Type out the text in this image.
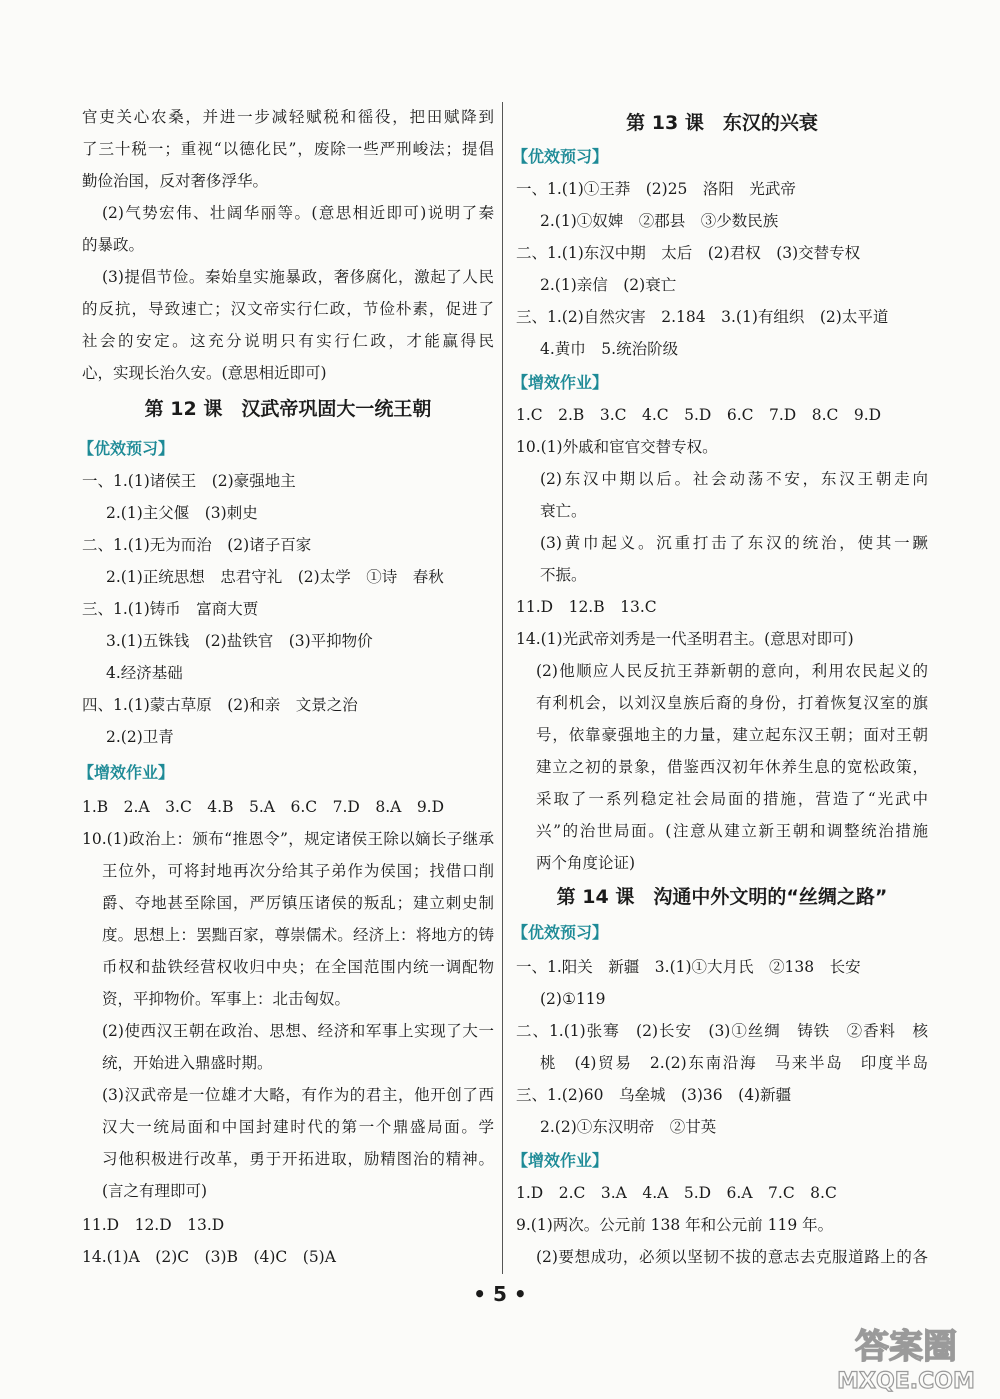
官吏关心农桑，并进一步减轻赋税和徭役，把田赋降到
了三十税一；重视“以德化民”，废除一些严刑峻法；提倡
勤俭治国，反对奢侈浮华。
(2)气势宏伟、壮阔华丽等。(意思相近即可)说明了秦
的暴政。
(3)提倡节俭。秦始皇实施暴政，奢侈腐化，激起了人民
的反抗，导致速亡；汉文帝实行仁政，节俭朴素，促进了
社会的安定。这充分说明只有实行仁政，才能赢得民
心，实现长治久安。(意思相近即可)
第 12 课　汉武帝巩固大一统王朝
【优效预习】
一、1.(1)诸侯王　(2)豪强地主
2.(1)主父偃　(3)刺史
二、1.(1)无为而治　(2)诸子百家
2.(1)正统思想　忠君守礼　(2)太学　①诗　春秋
三、1.(1)铸币　富商大贾
3.(1)五铢钱　(2)盐铁官　(3)平抑物价
4.经济基础
四、1.(1)蒙古草原　(2)和亲　文景之治
2.(2)卫青
【增效作业】
1.B　2.A　3.C　4.B　5.A　6.C　7.D　8.A　9.D
10.(1)政治上：颁布“推恩令”，规定诸侯王除以嫡长子继承
王位外，可将封地再次分给其子弟作为侯国；找借口削
爵、夺地甚至除国，严厉镇压诸侯的叛乱；建立刺史制
度。思想上：罢黜百家，尊崇儒术。经济上：将地方的铸
币权和盐铁经营权收归中央；在全国范围内统一调配物
资，平抑物价。军事上：北击匈奴。
(2)使西汉王朝在政治、思想、经济和军事上实现了大一
统，开始进入鼎盛时期。
(3)汉武帝是一位雄才大略，有作为的君主，他开创了西
汉大一统局面和中国封建时代的第一个鼎盛局面。学
习他积极进行改革，勇于开拓进取，励精图治的精神。
(言之有理即可)
11.D　12.D　13.D
14.(1)A　(2)C　(3)B　(4)C　(5)A
第 13 课　东汉的兴衰
【优效预习】
一、1.(1)①王莽　(2)25　洛阳　光武帝
2.(1)①奴婢　②郡县　③少数民族
二、1.(1)东汉中期　太后　(2)君权　(3)交替专权
2.(1)亲信　(2)衰亡
三、1.(2)自然灾害　2.184　3.(1)有组织　(2)太平道
4.黄巾　5.统治阶级
【增效作业】
1.C　2.B　3.C　4.C　5.D　6.C　7.D　8.C　9.D
10.(1)外戚和宦官交替专权。
(2)东汉中期以后。社会动荡不安，东汉王朝走向
衰亡。
(3)黄巾起义。沉重打击了东汉的统治，使其一蹶
不振。
11.D　12.B　13.C
14.(1)光武帝刘秀是一代圣明君主。(意思对即可)
(2)他顺应人民反抗王莽新朝的意向，利用农民起义的
有利机会，以刘汉皇族后裔的身份，打着恢复汉室的旗
号，依靠豪强地主的力量，建立起东汉王朝；面对王朝
建立之初的景象，借鉴西汉初年休养生息的宽松政策，
采取了一系列稳定社会局面的措施，营造了“光武中
兴”的治世局面。(注意从建立新王朝和调整统治措施
两个角度论证)
第 14 课　沟通中外文明的“丝绸之路”
【优效预习】
一、1.阳关　新疆　3.(1)①大月氏　②138　长安
(2)①119
二、1.(1)张骞　(2)长安　(3)①丝绸　铸铁　②香料　核
桃　(4)贸易　2.(2)东南沿海　马来半岛　印度半岛
三、1.(2)60　乌垒城　(3)36　(4)新疆
2.(2)①东汉明帝　②甘英
【增效作业】
1.D　2.C　3.A　4.A　5.D　6.A　7.C　8.C
9.(1)两次。公元前 138 年和公元前 119 年。
(2)要想成功，必须以坚韧不拔的意志去克服道路上的各
• 5 •
答案圈
MXQE.COM
